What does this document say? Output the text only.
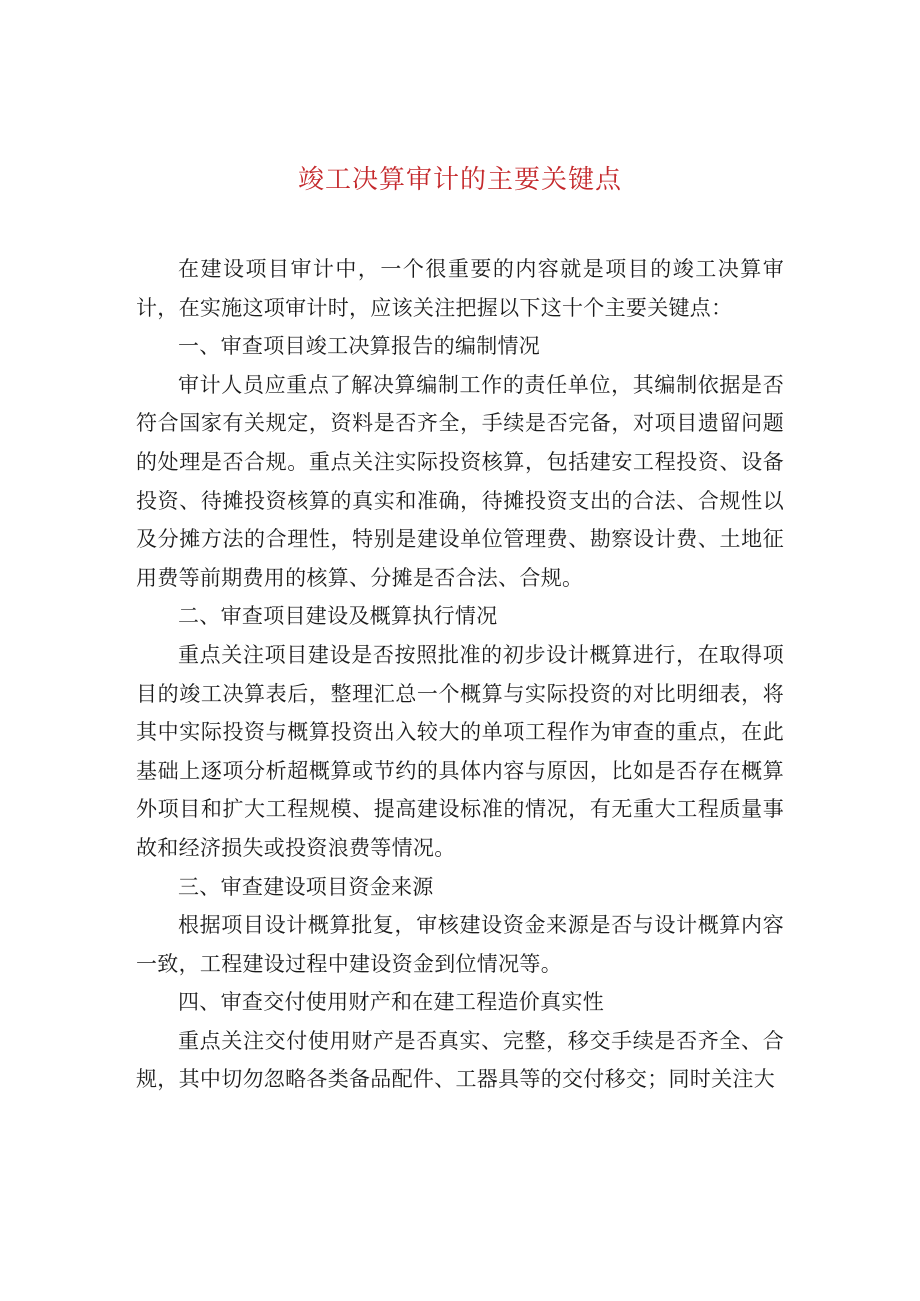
竣工决算审计的主要关键点

在建设项目审计中，一个很重要的内容就是项目的竣工决算审计，在实施这项审计时，应该关注把握以下这十个主要关键点：

一、审查项目竣工决算报告的编制情况

审计人员应重点了解决算编制工作的责任单位，其编制依据是否符合国家有关规定，资料是否齐全，手续是否完备，对项目遗留问题的处理是否合规。重点关注实际投资核算，包括建安工程投资、设备投资、待摊投资核算的真实和准确，待摊投资支出的合法、合规性以及分摊方法的合理性，特别是建设单位管理费、勘察设计费、土地征用费等前期费用的核算、分摊是否合法、合规。

二、审查项目建设及概算执行情况

重点关注项目建设是否按照批准的初步设计概算进行，在取得项目的竣工决算表后，整理汇总一个概算与实际投资的对比明细表，将其中实际投资与概算投资出入较大的单项工程作为审查的重点，在此基础上逐项分析超概算或节约的具体内容与原因，比如是否存在概算外项目和扩大工程规模、提高建设标准的情况，有无重大工程质量事故和经济损失或投资浪费等情况。

三、审查建设项目资金来源

根据项目设计概算批复，审核建设资金来源是否与设计概算内容一致，工程建设过程中建设资金到位情况等。

四、审查交付使用财产和在建工程造价真实性

重点关注交付使用财产是否真实、完整，移交手续是否齐全、合规，其中切勿忽略各类备品配件、工器具等的交付移交；同时关注大
